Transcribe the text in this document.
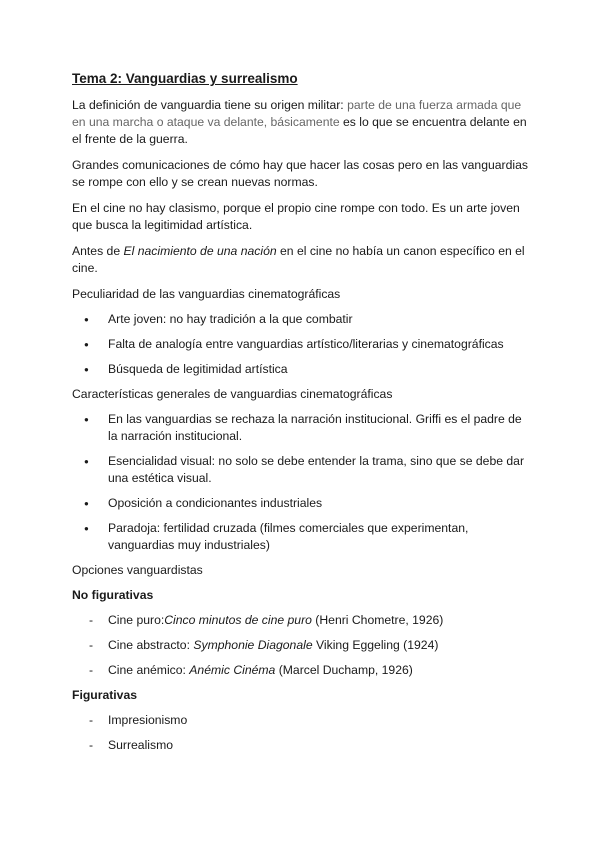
Tema 2: Vanguardias y surrealismo

La definición de vanguardia tiene su origen militar: parte de una fuerza armada que en una marcha o ataque va delante, básicamente es lo que se encuentra delante en el frente de la guerra.

Grandes comunicaciones de cómo hay que hacer las cosas pero en las vanguardias se rompe con ello y se crean nuevas normas.

En el cine no hay clasismo, porque el propio cine rompe con todo. Es un arte joven que busca la legitimidad artística.

Antes de El nacimiento de una nación en el cine no había un canon específico en el cine.

Peculiaridad de las vanguardias cinematográficas
● Arte joven: no hay tradición a la que combatir
● Falta de analogía entre vanguardias artístico/literarias y cinematográficas
● Búsqueda de legitimidad artística
Características generales de vanguardias cinematográficas
● En las vanguardias se rechaza la narración institucional. Griffi es el padre de la narración institucional.
● Esencialidad visual: no solo se debe entender la trama, sino que se debe dar una estética visual.
● Oposición a condicionantes industriales
● Paradoja: fertilidad cruzada (filmes comerciales que experimentan, vanguardias muy industriales)
Opciones vanguardistas
No figurativas
- Cine puro:Cinco minutos de cine puro (Henri Chometre, 1926)
- Cine abstracto: Symphonie Diagonale Viking Eggeling (1924)
- Cine anémico: Anémic Cinéma (Marcel Duchamp, 1926)
Figurativas
- Impresionismo
- Surrealismo
